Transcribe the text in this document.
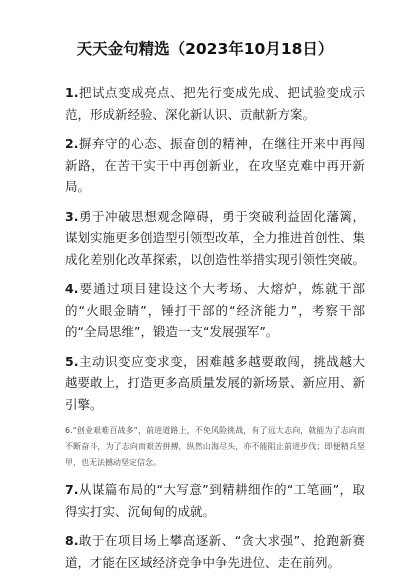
天天金句精选（2023年10月18日）

1.把试点变成亮点、把先行变成先成、把试验变成示范，形成新经验、深化新认识、贡献新方案。

2.摒弃守的心态、振奋创的精神，在继往开来中再闯新路，在苦干实干中再创新业，在攻坚克难中再开新局。

3.勇于冲破思想观念障碍，勇于突破利益固化藩篱，谋划实施更多创造型引领型改革，全力推进首创性、集成化差别化改革探索，以创造性举措实现引领性突破。

4.要通过项目建设这个大考场、大熔炉，炼就干部的“火眼金睛”，锤打干部的“经济能力”，考察干部的“全局思维”，锻造一支“发展强军”。

5.主动识变应变求变，困难越多越要敢闯，挑战越大越要敢上，打造更多高质量发展的新场景、新应用、新引擎。

6.“创业艰难百战多”，前进道路上，不免风险挑战，有了远大志向，就能为了志向而不断奋斗，为了志向而艰苦拼搏，纵然山海尽头，亦不能阻止前进步伐；即便精兵坚甲，也无法撼动坚定信念。

7.从谋篇布局的“大写意”到精耕细作的“工笔画”，取得实打实、沉甸甸的成就。

8.敢于在项目场上攀高逐新、“贪大求强”、抢跑新赛道，才能在区域经济竞争中争先进位、走在前列。
